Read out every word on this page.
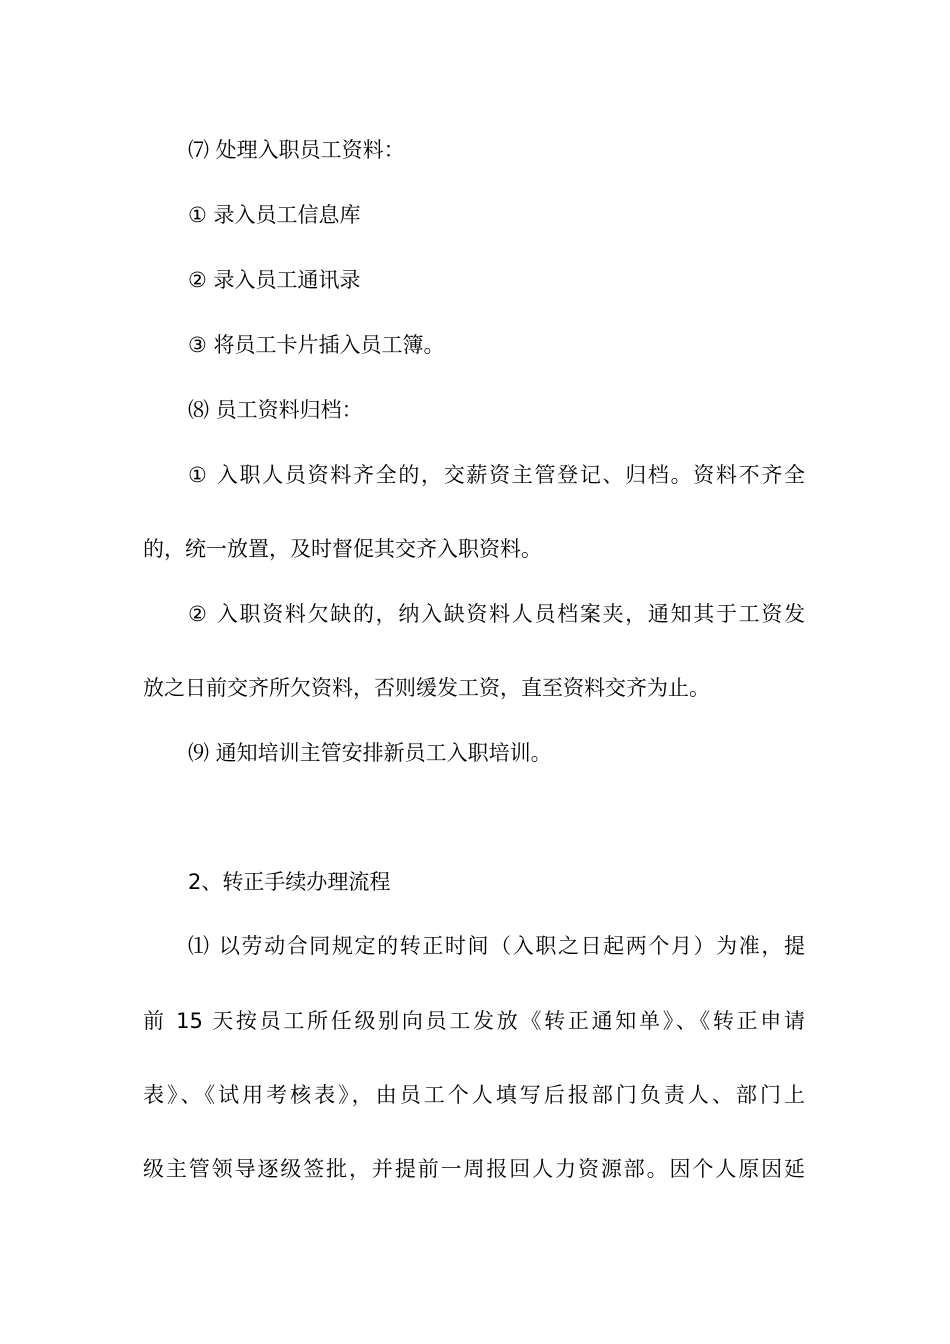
⑺ 处理入职员工资料：
① 录入员工信息库
② 录入员工通讯录
③ 将员工卡片插入员工簿。
⑻ 员工资料归档：
① 入职人员资料齐全的，交薪资主管登记、归档。资料不齐全
的，统一放置，及时督促其交齐入职资料。
② 入职资料欠缺的，纳入缺资料人员档案夹，通知其于工资发
放之日前交齐所欠资料，否则缓发工资，直至资料交齐为止。
⑼ 通知培训主管安排新员工入职培训。
2、转正手续办理流程
⑴ 以劳动合同规定的转正时间（入职之日起两个月）为准，提
前 15 天按员工所任级别向员工发放《转正通知单》、《转正申请
表》、《试用考核表》，由员工个人填写后报部门负责人、部门上
级主管领导逐级签批，并提前一周报回人力资源部。因个人原因延
